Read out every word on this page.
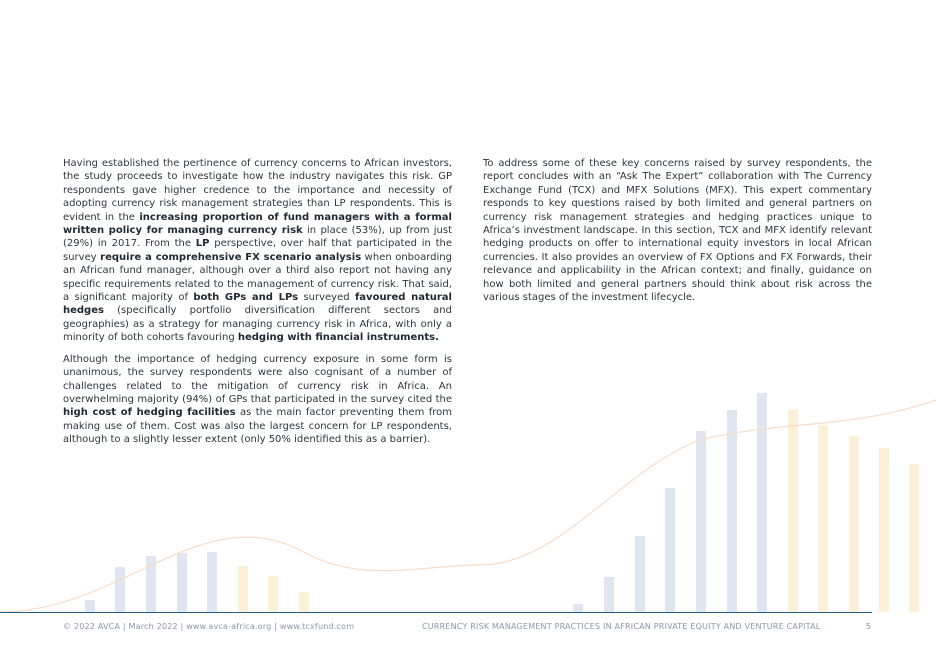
Having established the pertinence of currency concerns to African investors, the study proceeds to investigate how the industry navigates this risk. GP respondents gave higher credence to the importance and necessity of adopting currency risk management strategies than LP respondents. This is evident in the increasing proportion of fund managers with a formal written policy for managing currency risk in place (53%), up from just (29%) in 2017. From the LP perspective, over half that participated in the survey require a comprehensive FX scenario analysis when onboarding an African fund manager, although over a third also report not having any specific requirements related to the management of currency risk. That said, a significant majority of both GPs and LPs surveyed favoured natural hedges (specifically portfolio diversification different sectors and geographies) as a strategy for managing currency risk in Africa, with only a minority of both cohorts favouring hedging with financial instruments.

Although the importance of hedging currency exposure in some form is unanimous, the survey respondents were also cognisant of a number of challenges related to the mitigation of currency risk in Africa. An overwhelming majority (94%) of GPs that participated in the survey cited the high cost of hedging facilities as the main factor preventing them from making use of them. Cost was also the largest concern for LP respondents, although to a slightly lesser extent (only 50% identified this as a barrier).

To address some of these key concerns raised by survey respondents, the report concludes with an “Ask The Expert” collaboration with The Currency Exchange Fund (TCX) and MFX Solutions (MFX). This expert commentary responds to key questions raised by both limited and general partners on currency risk management strategies and hedging practices unique to Africa’s investment landscape. In this section, TCX and MFX identify relevant hedging products on offer to international equity investors in local African currencies. It also provides an overview of FX Options and FX Forwards, their relevance and applicability in the African context; and finally, guidance on how both limited and general partners should think about risk across the various stages of the investment lifecycle.

© 2022 AVCA | March 2022 | www.avca-africa.org | www.tcxfund.com	CURRENCY RISK MANAGEMENT PRACTICES IN AFRICAN PRIVATE EQUITY AND VENTURE CAPITAL	5
